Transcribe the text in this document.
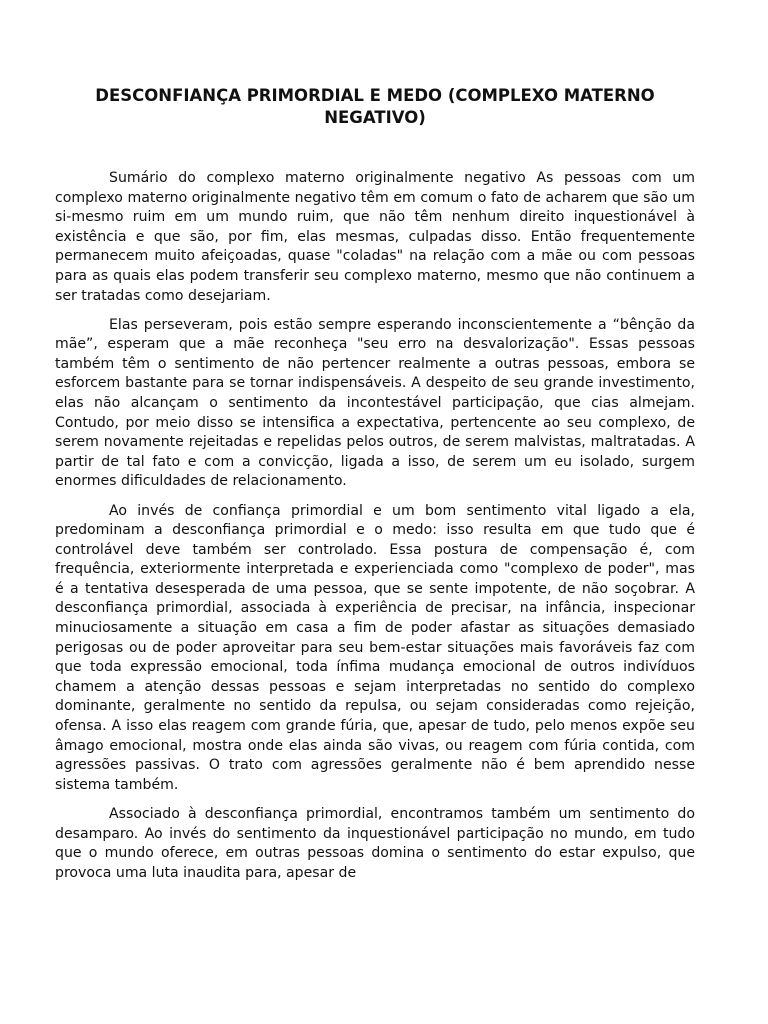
DESCONFIANÇA PRIMORDIAL E MEDO (COMPLEXO MATERNO NEGATIVO)

Sumário do complexo materno originalmente negativo As pessoas com um complexo materno originalmente negativo têm em comum o fato de acharem que são um si-mesmo ruim em um mundo ruim, que não têm nenhum direito inquestionável à existência e que são, por fim, elas mesmas, culpadas disso. Então frequentemente permanecem muito afeiçoadas, quase "coladas" na relação com a mãe ou com pessoas para as quais elas podem transferir seu complexo materno, mesmo que não continuem a ser tratadas como desejariam.

Elas perseveram, pois estão sempre esperando inconscientemente a “bênção da mãe”, esperam que a mãe reconheça "seu erro na desvalorização". Essas pessoas também têm o sentimento de não pertencer realmente a outras pessoas, embora se esforcem bastante para se tornar indispensáveis. A despeito de seu grande investimento, elas não alcançam o sentimento da incontestável participação, que cias almejam. Contudo, por meio disso se intensifica a expectativa, pertencente ao seu complexo, de serem novamente rejeitadas e repelidas pelos outros, de serem malvistas, maltratadas. A partir de tal fato e com a convicção, ligada a isso, de serem um eu isolado, surgem enormes dificuldades de relacionamento.

Ao invés de confiança primordial e um bom sentimento vital ligado a ela, predominam a desconfiança primordial e o medo: isso resulta em que tudo que é controlável deve também ser controlado. Essa postura de compensação é, com frequência, exteriormente interpretada e experienciada como "complexo de poder", mas é a tentativa desesperada de uma pessoa, que se sente impotente, de não soçobrar. A desconfiança primordial, associada à experiência de precisar, na infância, inspecionar minuciosamente a situação em casa a fim de poder afastar as situações demasiado perigosas ou de poder aproveitar para seu bem-estar situações mais favoráveis faz com que toda expressão emocional, toda ínfima mudança emocional de outros indivíduos chamem a atenção dessas pessoas e sejam interpretadas no sentido do complexo dominante, geralmente no sentido da repulsa, ou sejam consideradas como rejeição, ofensa. A isso elas reagem com grande fúria, que, apesar de tudo, pelo menos expõe seu âmago emocional, mostra onde elas ainda são vivas, ou reagem com fúria contida, com agressões passivas. O trato com agressões geralmente não é bem aprendido nesse sistema também.

Associado à desconfiança primordial, encontramos também um sentimento do desamparo. Ao invés do sentimento da inquestionável participação no mundo, em tudo que o mundo oferece, em outras pessoas domina o sentimento do estar expulso, que provoca uma luta inaudita para, apesar de
